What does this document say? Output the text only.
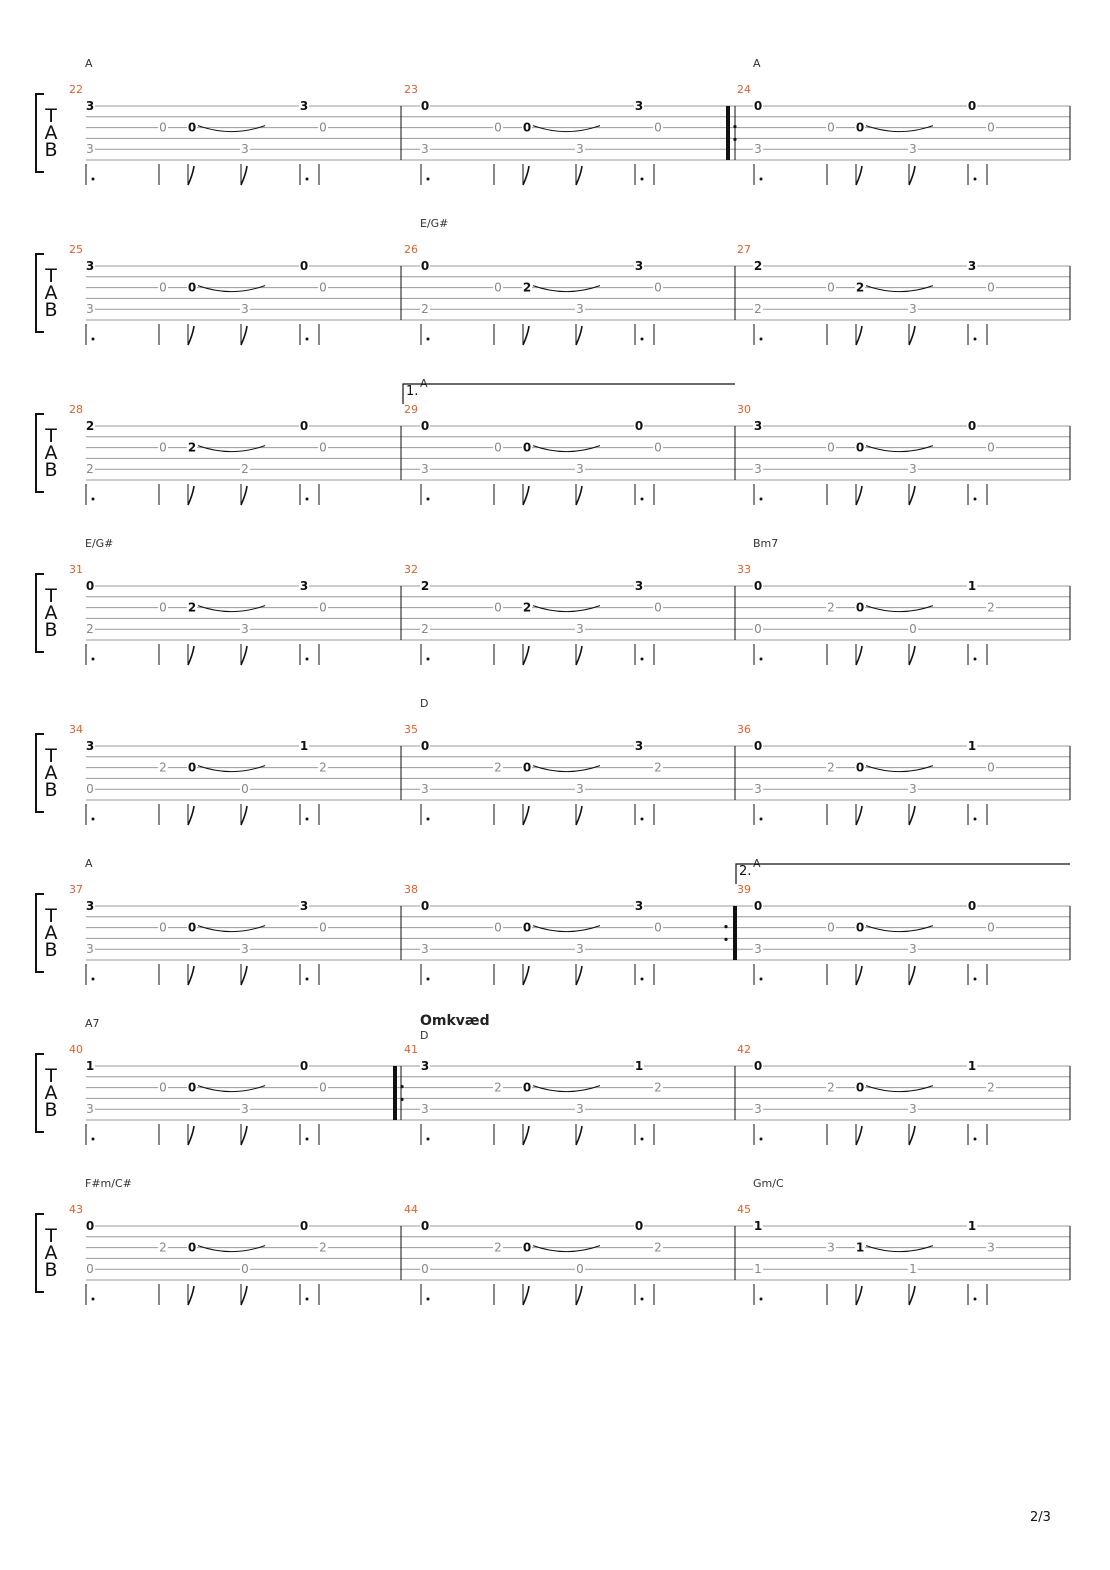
T
A
B
22
A
3
3
0 0
3
3
0
23
0
3
0 0
3
3
0
24
A
0
3
0 0
3
0
0
T
A
B
25
3
3
0 0
3
0
0
26
E/G#
0
2
0 2
3
3
0
27
2
2
0 2
3
3
0
T
A
B
28
2
2
0 2
2
0
0
29
A
1.
0
3
0 0
3
0
0
30
3
3
0 0
3
0
0
T
A
B
31
E/G#
0
2
0 2
3
3
0
32
2
2
0 2
3
3
0
33
Bm7
0
0
2 0
0
1
2
T
A
B
34
3
0
2 0
0
1
2
35
D
0
3
2 0
3
3
2
36
0
3
2 0
3
1
0
T
A
B
37
A
3
3
0 0
3
3
0
38
0
3
0 0
3
3
0
39
A
2.
0
3
0 0
3
0
0
T
A
B
40
A7
1
3
0 0
3
0
0
41
D
Omkvæd
3
3
2 0
3
1
2
42
0
3
2 0
3
1
2
T
A
B
43
F#m/C#
0
0
2 0
0
0
2
44
0
0
2 0
0
0
2
45
Gm/C
1
1
3 1
1
1
3
2/3
